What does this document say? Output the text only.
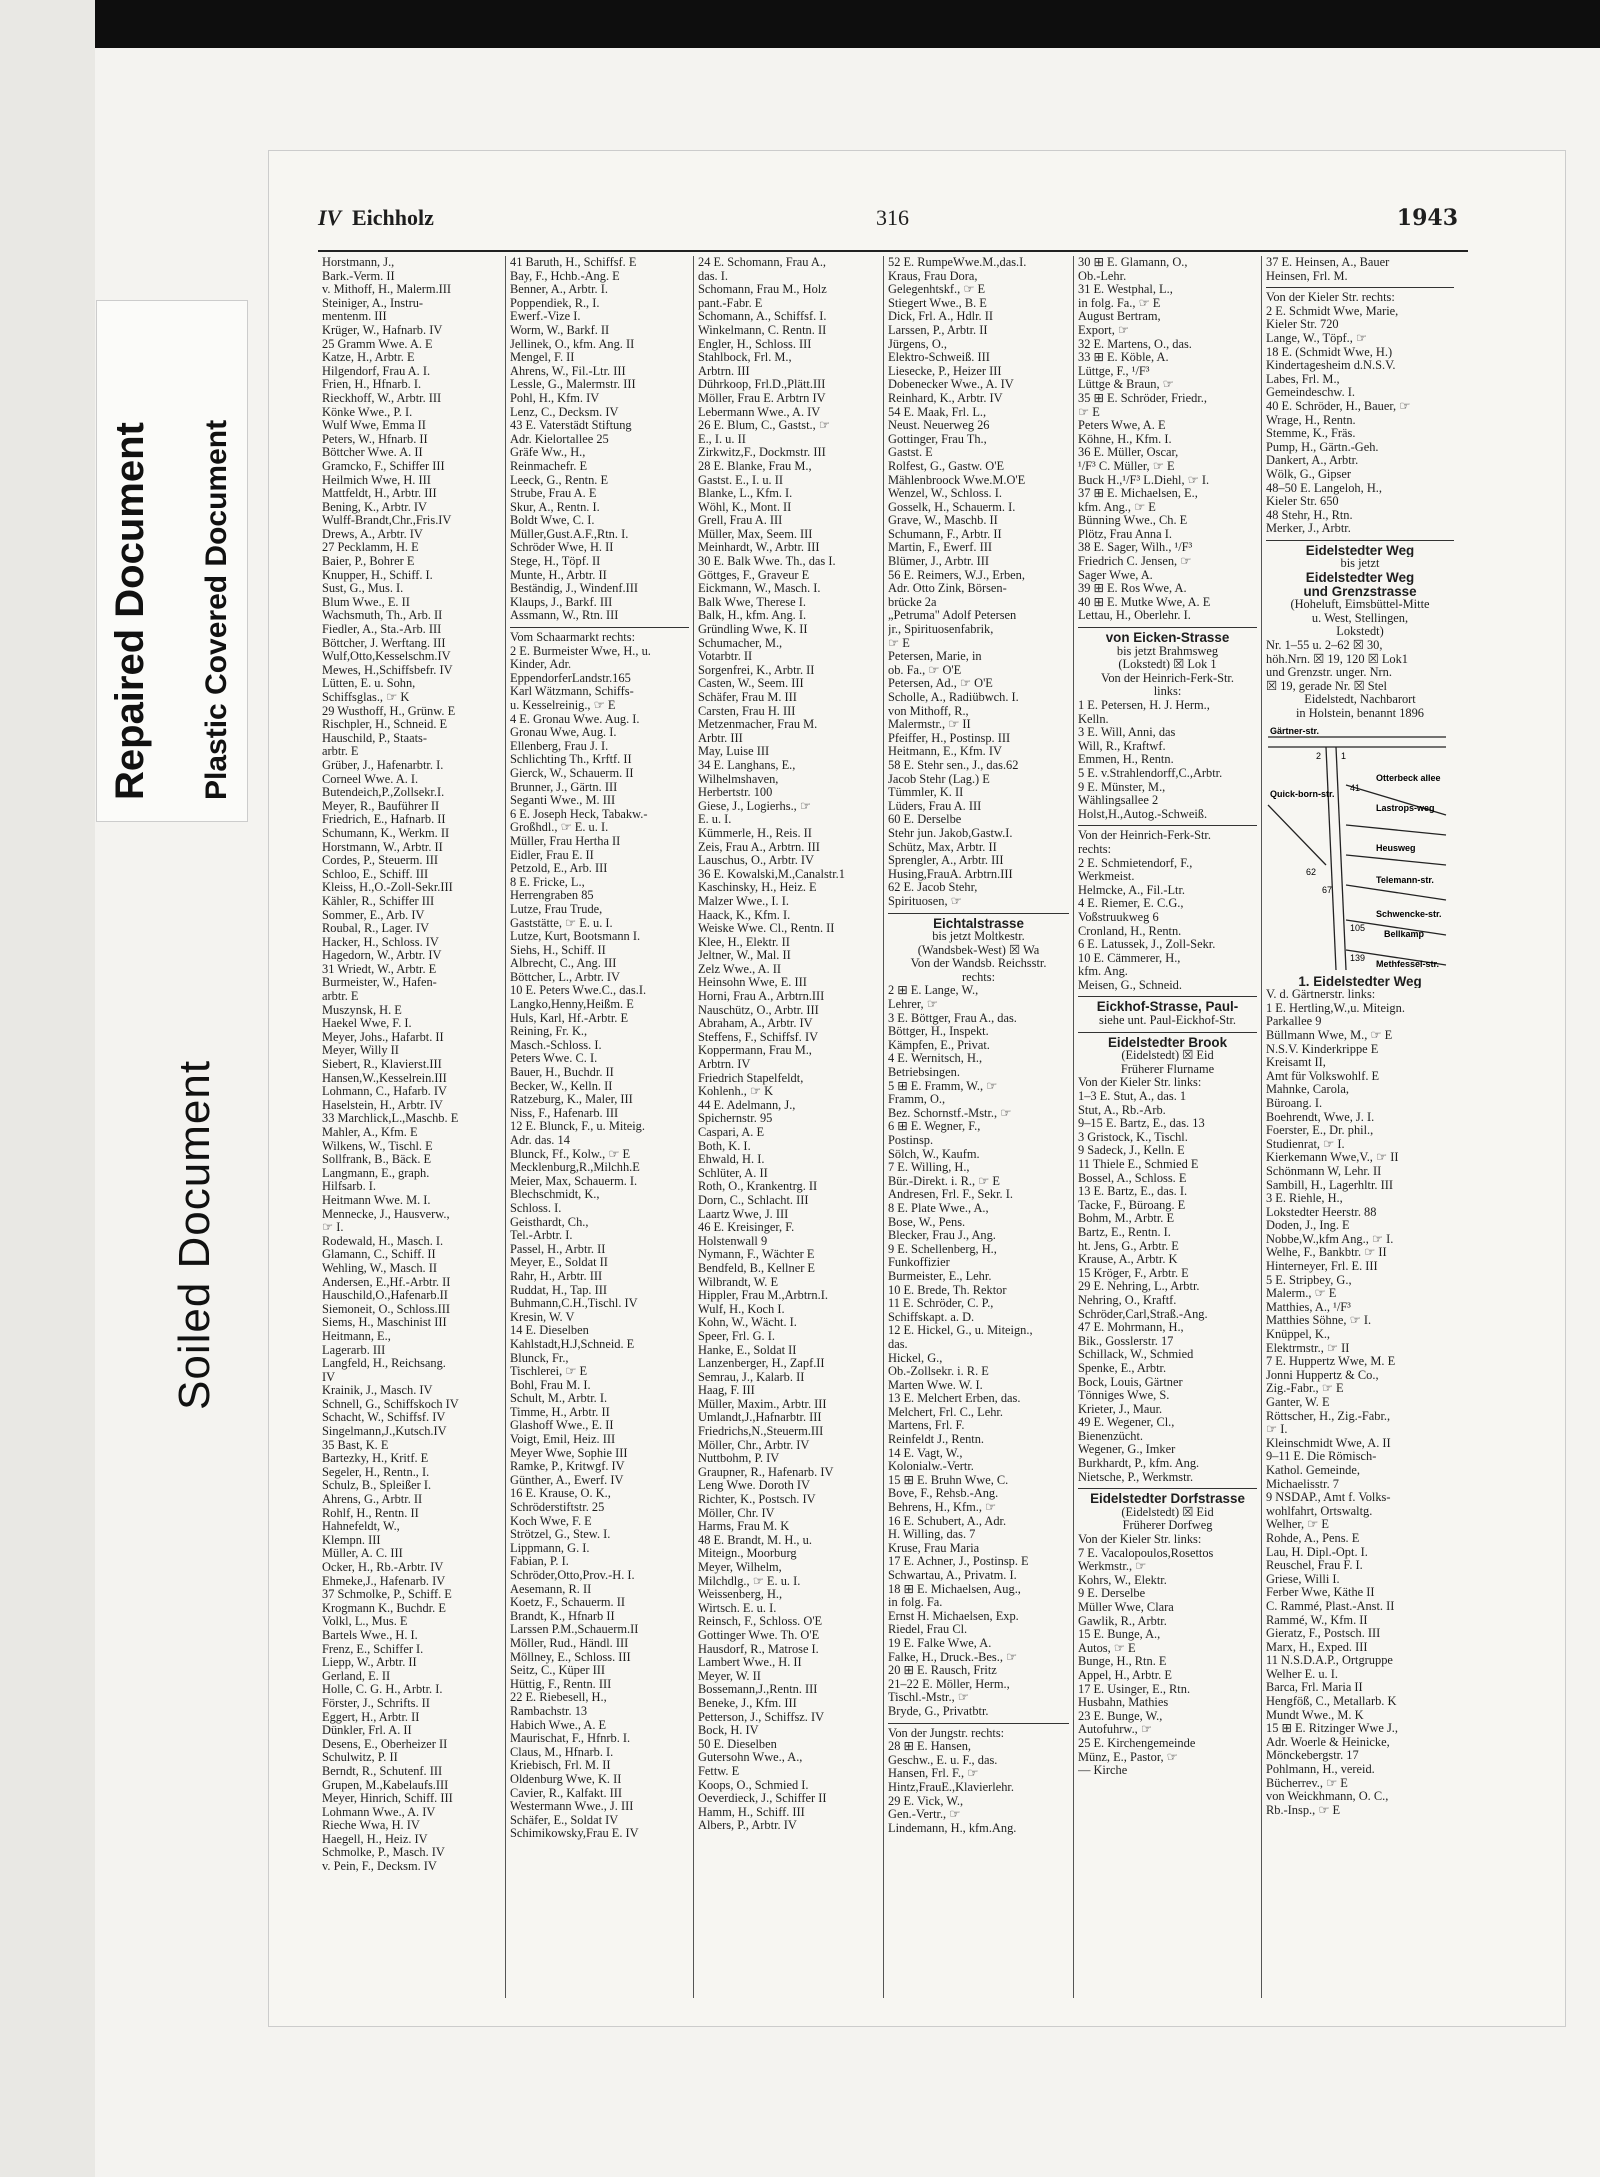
Repaired Document Plastic Covered Document
Soiled Document
IV Eichholz	316	1943
Horstmann, J.,
Bark.-Verm. II
v. Mithoff, H., Malerm.III
Steiniger, A., Instru-
mentenm. III
Krüger, W., Hafnarb. IV
25 Gramm Wwe. A. E
Katze, H., Arbtr. E
Hilgendorf, Frau A. I.
Frien, H., Hfnarb. I.
Rieckhoff, W., Arbtr. III
Könke Wwe., P. I.
Wulf Wwe, Emma II
Peters, W., Hfnarb. II
Böttcher Wwe. A. II
Gramcko, F., Schiffer III
Heilmich Wwe, H. III
Mattfeldt, H., Arbtr. III
Bening, K., Arbtr. IV
Wulff-Brandt,Chr.,Fris.IV
Drews, A., Arbtr. IV
27 Pecklamm, H. E
Baier, P., Bohrer E
Knupper, H., Schiff. I.
Sust, G., Mus. I.
Blum Wwe., E. II
Wachsmuth, Th., Arb. II
Fiedler, A., Sta.-Arb. III
Böttcher, J. Werftang. III
Wulf,Otto,Kesselschm.IV
Mewes, H.,Schiffsbefr. IV
Lütten, E. u. Sohn,
Schiffsglas., ☞ K
29 Wusthoff, H., Grünw. E
Rischpler, H., Schneid. E
Hauschild, P., Staats-
arbtr. E
Grüber, J., Hafenarbtr. I.
Corneel Wwe. A. I.
Butendeich,P.,Zollsekr.I.
Meyer, R., Bauführer II
Friedrich, E., Hafnarb. II
Schumann, K., Werkm. II
Horstmann, W., Arbtr. II
Cordes, P., Steuerm. III
Schloo, E., Schiff. III
Kleiss, H.,O.-Zoll-Sekr.III
Kähler, R., Schiffer III
Sommer, E., Arb. IV
Roubal, R., Lager. IV
Hacker, H., Schloss. IV
Hagedorn, W., Arbtr. IV
31 Wriedt, W., Arbtr. E
Burmeister, W., Hafen-
arbtr. E
Muszynsk, H. E
Haekel Wwe, F. I.
Meyer, Johs., Hafarbt. II
Meyer, Willy II
Siebert, R., Klavierst.III
Hansen,W.,Kesselrein.III
Lohmann, C., Hafarb. IV
Haselstein, H., Arbtr. IV
33 Marchlick,L.,Maschb. E
Mahler, A., Kfm. E
Wilkens, W., Tischl. E
Sollfrank, B., Bäck. E
Langmann, E., graph.
Hilfsarb. I.
Heitmann Wwe. M. I.
Mennecke, J., Hausverw.,
☞ I.
Rodewald, H., Masch. I.
Glamann, C., Schiff. II
Wehling, W., Masch. II
Andersen, E.,Hf.-Arbtr. II
Hauschild,O.,Hafenarb.II
Siemoneit, O., Schloss.III
Siems, H., Maschinist III
Heitmann, E.,
Lagerarb. III
Langfeld, H., Reichsang.
IV
Krainik, J., Masch. IV
Schnell, G., Schiffskoch IV
Schacht, W., Schiffsf. IV
Singelmann,J.,Kutsch.IV
35 Bast, K. E
Bartezky, H., Kritf. E
Segeler, H., Rentn., I.
Schulz, B., Spleißer I.
Ahrens, G., Arbtr. II
Rohlf, H., Rentn. II
Hahnefeldt, W.,
Klempn. III
Müller, A. C. III
Ocker, H., Rb.-Arbtr. IV
Ehmeke,J., Hafenarb. IV
37 Schmolke, P., Schiff. E
Krogmann K., Buchdr. E
Volkl, L., Mus. E
Bartels Wwe., H. I.
Frenz, E., Schiffer I.
Liepp, W., Arbtr. II
Gerland, E. II
Holle, C. G. H., Arbtr. I.
Förster, J., Schrifts. II
Eggert, H., Arbtr. II
Dünkler, Frl. A. II
Desens, E., Oberheizer II
Schulwitz, P. II
Berndt, R., Schutenf. III
Grupen, M.,Kabelaufs.III
Meyer, Hinrich, Schiff. III
Lohmann Wwe., A. IV
Rieche Wwa, H. IV
Haegell, H., Heiz. IV
Schmolke, P., Masch. IV
v. Pein, F., Decksm. IV
41 Baruth, H., Schiffsf. E
Bay, F., Hchb.-Ang. E
Benner, A., Arbtr. I.
Poppendiek, R., I.
Ewerf.-Vize I.
Worm, W., Barkf. II
Jellinek, O., kfm. Ang. II
Mengel, F. II
Ahrens, W., Fil.-Ltr. III
Lessle, G., Malermstr. III
Pohl, H., Kfm. IV
Lenz, C., Decksm. IV
43 E. Vaterstädt Stiftung
Adr. Kielortallee 25
Gräfe Ww., H.,
Reinmachefr. E
Leeck, G., Rentn. E
Strube, Frau A. E
Skur, A., Rentn. I.
Boldt Wwe, C. I.
Müller,Gust.A.F.,Rtn. I.
Schröder Wwe, H. II
Stege, H., Töpf. II
Munte, H., Arbtr. II
Beständig, J., Windenf.III
Klaups, J., Barkf. III
Assmann, W., Rtn. III
Vom Schaarmarkt rechts:
2 E. Burmeister Wwe, H., u.
Kinder, Adr.
EppendorferLandstr.165
Karl Wätzmann, Schiffs-
u. Kesselreinig., ☞ E
4 E. Gronau Wwe. Aug. I.
Gronau Wwe, Aug. I.
Ellenberg, Frau J. I.
Schlichting Th., Krftf. II
Gierck, W., Schauerm. II
Brunner, J., Gärtn. III
Seganti Wwe., M. III
6 E. Joseph Heck, Tabakw.-
Großhdl., ☞ E. u. I.
Müller, Frau Hertha II
Eidler, Frau E. II
Petzold, E., Arb. III
8 E. Fricke, L.,
Herrengraben 85
Lutze, Frau Trude,
Gaststätte, ☞ E. u. I.
Lutze, Kurt, Bootsmann I.
Siehs, H., Schiff. II
Albrecht, C., Ang. III
Böttcher, L., Arbtr. IV
10 E. Peters Wwe.C., das.I.
Langko,Henny,Heißm. E
Huls, Karl, Hf.-Arbtr. E
Reining, Fr. K.,
Masch.-Schloss. I.
Peters Wwe. C. I.
Bauer, H., Buchdr. II
Becker, W., Kelln. II
Ratzeburg, K., Maler, III
Niss, F., Hafenarb. III
12 E. Blunck, F., u. Miteig.
Adr. das. 14
Blunck, Ff., Kolw., ☞ E
Mecklenburg,R.,Milchh.E
Meier, Max, Schauerm. I.
Blechschmidt, K.,
Schloss. I.
Geisthardt, Ch.,
Tel.-Arbtr. I.
Passel, H., Arbtr. II
Meyer, E., Soldat II
Rahr, H., Arbtr. III
Ruddat, H., Tap. III
Buhmann,C.H.,Tischl. IV
Kresin, W. V
14 E. Dieselben
Kahlstadt,H.J,Schneid. E
Blunck, Fr.,
Tischlerei, ☞ E
Bohl, Frau M. I.
Schult, M., Arbtr. I.
Timme, H., Arbtr. II
Glashoff Wwe., E. II
Voigt, Emil, Heiz. III
Meyer Wwe, Sophie III
Ramke, P., Kritwgf. IV
Günther, A., Ewerf. IV
16 E. Krause, O. K.,
Schröderstiftstr. 25
Koch Wwe, F. E
Strötzel, G., Stew. I.
Lippmann, G. I.
Fabian, P. I.
Schröder,Otto,Prov.-H. I.
Aesemann, R. II
Koetz, F., Schauerm. II
Brandt, K., Hfnarb II
Larssen P.M.,Schauerm.II
Möller, Rud., Händl. III
Möllney, E., Schloss. III
Seitz, C., Küper III
Hüttig, F., Rentn. III
22 E. Riebesell, H.,
Rambachstr. 13
Habich Wwe., A. E
Maurischat, F., Hfnrb. I.
Claus, M., Hfnarb. I.
Kriebisch, Frl. M. II
Oldenburg Wwe, K. II
Cavier, R., Kalfakt. III
Westermann Wwe., J. III
Schäfer, E., Soldat IV
Schimikowsky,Frau E. IV
24 E. Schomann, Frau A.,
das. I.
Schomann, Frau M., Holz
pant.-Fabr. E
Schomann, A., Schiffsf. I.
Winkelmann, C. Rentn. II
Engler, H., Schloss. III
Stahlbock, Frl. M.,
Arbtrn. III
Dührkoop, Frl.D.,Plätt.III
Möller, Frau E. Arbtrn IV
Lebermann Wwe., A. IV
26 E. Blum, C., Gastst., ☞
E., I. u. II
Zirkwitz,F., Dockmstr. III
28 E. Blanke, Frau M.,
Gastst. E., I. u. II
Blanke, L., Kfm. I.
Wöhl, K., Mont. II
Grell, Frau A. III
Müller, Max, Seem. III
Meinhardt, W., Arbtr. III
30 E. Balk Wwe. Th., das I.
Göttges, F., Graveur E
Eickmann, W., Masch. I.
Balk Wwe, Therese I.
Balk, H., kfm. Ang. I.
Gründling Wwe, K. II
Schumacher, M.,
Votarbtr. II
Sorgenfrei, K., Arbtr. II
Casten, W., Seem. III
Schäfer, Frau M. III
Carsten, Frau H. III
Metzenmacher, Frau M.
Arbtr. III
May, Luise III
34 E. Langhans, E.,
Wilhelmshaven,
Herbertstr. 100
Giese, J., Logierhs., ☞
E. u. I.
Kümmerle, H., Reis. II
Zeis, Frau A., Arbtrn. III
Lauschus, O., Arbtr. IV
36 E. Kowalski,M.,Canalstr.1
Kaschinsky, H., Heiz. E
Malzer Wwe., I. I.
Haack, K., Kfm. I.
Weiske Wwe. Cl., Rentn. II
Klee, H., Elektr. II
Jeltner, W., Mal. II
Zelz Wwe., A. II
Heinsohn Wwe, E. III
Horni, Frau A., Arbtrn.III
Nauschütz, O., Arbtr. III
Abraham, A., Arbtr. IV
Steffens, F., Schiffsf. IV
Koppermann, Frau M.,
Arbtrn. IV
Friedrich Stapelfeldt,
Kohlenh., ☞ K
44 E. Adelmann, J.,
Spichernstr. 95
Caspari, A. E
Both, K. I.
Ehwald, H. I.
Schlüter, A. II
Roth, O., Krankentrg. II
Dorn, C., Schlacht. III
Laartz Wwe, J. III
46 E. Kreisinger, F.
Holstenwall 9
Nymann, F., Wächter E
Bendfeld, B., Kellner E
Wilbrandt, W. E
Hippler, Frau M.,Arbtrn.I.
Wulf, H., Koch I.
Kohn, W., Wächt. I.
Speer, Frl. G. I.
Hanke, E., Soldat II
Lanzenberger, H., Zapf.II
Semrau, J., Kalarb. II
Haag, F. III
Müller, Maxim., Arbtr. III
Umlandt,J.,Hafnarbtr. III
Friedrichs,N.,Steuerm.III
Möller, Chr., Arbtr. IV
Nuttbohm, P. IV
Graupner, R., Hafenarb. IV
Leng Wwe. Doroth IV
Richter, K., Postsch. IV
Möller, Chr. IV
Harms, Frau M. K
48 E. Brandt, M. H., u.
Miteign., Moorburg
Meyer, Wilhelm,
Milchdlg., ☞ E. u. I.
Weissenberg, H.,
Wirtsch. E. u. I.
Reinsch, F., Schloss. O'E
Gottinger Wwe. Th. O'E
Hausdorf, R., Matrose I.
Lambert Wwe., H. II
Meyer, W. II
Bossemann,J.,Rentn. III
Beneke, J., Kfm. III
Petterson, J., Schiffsz. IV
Bock, H. IV
50 E. Dieselben
Gutersohn Wwe., A.,
Fettw. E
Koops, O., Schmied I.
Oeverdieck, J., Schiffer II
Hamm, H., Schiff. III
Albers, P., Arbtr. IV
52 E. RumpeWwe.M.,das.I.
Kraus, Frau Dora,
Gelegenhtskf., ☞ E
Stiegert Wwe., B. E
Dick, Frl. A., Hdlr. II
Larssen, P., Arbtr. II
Jürgens, O.,
Elektro-Schweiß. III
Liesecke, P., Heizer III
Dobenecker Wwe., A. IV
Reinhard, K., Arbtr. IV
54 E. Maak, Frl. L.,
Neust. Neuerweg 26
Gottinger, Frau Th.,
Gastst. E
Rolfest, G., Gastw. O'E
Mählenbroock Wwe.M.O'E
Wenzel, W., Schloss. I.
Gosselk, H., Schauerm. I.
Grave, W., Maschb. II
Schumann, F., Arbtr. II
Martin, F., Ewerf. III
Blümer, J., Arbtr. III
56 E. Reimers, W.J., Erben,
Adr. Otto Zink, Börsen-
brücke 2a
„Petruma" Adolf Petersen
jr., Spirituosenfabrik,
☞ E
Petersen, Marie, in
ob. Fa., ☞ O'E
Petersen, Ad., ☞ O'E
Scholle, A., Radiübwch. I.
von Mithoff, R.,
Malermstr., ☞ II
Pfeiffer, H., Postinsp. III
Heitmann, E., Kfm. IV
58 E. Stehr sen., J., das.62
Jacob Stehr (Lag.) E
Tümmler, K. II
Lüders, Frau A. III
60 E. Derselbe
Stehr jun. Jakob,Gastw.I.
Schütz, Max, Arbtr. II
Sprengler, A., Arbtr. III
Husing,FrauA. Arbtrn.III
62 E. Jacob Stehr,
Spirituosen, ☞
Eichtalstrasse
bis jetzt Moltkestr.
(Wandsbek-West) ☒ Wa
Von der Wandsb. Reichsstr.
rechts:
2 ⊞ E. Lange, W.,
Lehrer, ☞
3 E. Böttger, Frau A., das.
Böttger, H., Inspekt.
Kämpfen, E., Privat.
4 E. Wernitsch, H.,
Betriebsingen.
5 ⊞ E. Framm, W., ☞
Framm, O.,
Bez. Schornstf.-Mstr., ☞
6 ⊞ E. Wegner, F.,
Postinsp.
Sölch, W., Kaufm.
7 E. Willing, H.,
Bür.-Direkt. i. R., ☞ E
Andresen, Frl. F., Sekr. I.
8 E. Plate Wwe., A.,
Bose, W., Pens.
Blecker, Frau J., Ang.
9 E. Schellenberg, H.,
Funkoffizier
Burmeister, E., Lehr.
10 E. Brede, Th. Rektor
11 E. Schröder, C. P.,
Schiffskapt. a. D.
12 E. Hickel, G., u. Miteign.,
das.
Hickel, G.,
Ob.-Zollsekr. i. R. E
Marten Wwe. W. I.
13 E. Melchert Erben, das.
Melchert, Frl. C., Lehr.
Martens, Frl. F.
Reinfeldt J., Rentn.
14 E. Vagt, W.,
Kolonialw.-Vertr.
15 ⊞ E. Bruhn Wwe, C.
Bove, F., Rehsb.-Ang.
Behrens, H., Kfm., ☞
16 E. Schubert, A., Adr.
H. Willing, das. 7
Kruse, Frau Maria
17 E. Achner, J., Postinsp. E
Schwartau, A., Privatm. I.
18 ⊞ E. Michaelsen, Aug.,
in folg. Fa.
Ernst H. Michaelsen, Exp.
Riedel, Frau Cl.
19 E. Falke Wwe, A.
Falke, H., Druck.-Bes., ☞
20 ⊞ E. Rausch, Fritz
21–22 E. Möller, Herm.,
Tischl.-Mstr., ☞
Bryde, G., Privatbtr.
Von der Jungstr. rechts:
28 ⊞ E. Hansen,
Geschw., E. u. F., das.
Hansen, Frl. F., ☞
Hintz,FrauE.,Klavierlehr.
29 E. Vick, W.,
Gen.-Vertr., ☞
Lindemann, H., kfm.Ang.
30 ⊞ E. Glamann, O.,
Ob.-Lehr.
31 E. Westphal, L.,
in folg. Fa., ☞ E
August Bertram,
Export, ☞
32 E. Martens, O., das.
33 ⊞ E. Köble, A.
Lüttge, F., ¹/F³
Lüttge & Braun, ☞
35 ⊞ E. Schröder, Friedr.,
☞ E
Peters Wwe, A. E
Köhne, H., Kfm. I.
36 E. Müller, Oscar,
¹/F³ C. Müller, ☞ E
Buck H.,¹/F³ L.Diehl, ☞ I.
37 ⊞ E. Michaelsen, E.,
kfm. Ang., ☞ E
Bünning Wwe., Ch. E
Plötz, Frau Anna I.
38 E. Sager, Wilh., ¹/F³
Friedrich C. Jensen, ☞
Sager Wwe, A.
39 ⊞ E. Ros Wwe, A.
40 ⊞ E. Mutke Wwe, A. E
Lettau, H., Oberlehr. I.
von Eicken-Strasse
bis jetzt Brahmsweg
(Lokstedt) ☒ Lok 1
Von der Heinrich-Ferk-Str.
links:
1 E. Petersen, H. J. Herm.,
Kelln.
3 E. Will, Anni, das
Will, R., Kraftwf.
Emmen, H., Rentn.
5 E. v.Strahlendorff,C.,Arbtr.
9 E. Münster, M.,
Wählingsallee 2
Holst,H.,Autog.-Schweiß.
Von der Heinrich-Ferk-Str.
rechts:
2 E. Schmietendorf, F.,
Werkmeist.
Helmcke, A., Fil.-Ltr.
4 E. Riemer, E. C.G.,
Voßstruukweg 6
Cronland, H., Rentn.
6 E. Latussek, J., Zoll-Sekr.
10 E. Cämmerer, H.,
kfm. Ang.
Meisen, G., Schneid.
Eickhof-Strasse, Paul-
siehe unt. Paul-Eickhof-Str.
Eidelstedter Brook
(Eidelstedt) ☒ Eid
Früherer Flurname
Von der Kieler Str. links:
1–3 E. Stut, A., das. 1
Stut, A., Rb.-Arb.
9–15 E. Bartz, E., das. 13
3 Gristock, K., Tischl.
9 Sadeck, J., Kelln. E
11 Thiele E., Schmied E
Bossel, A., Schloss. E
13 E. Bartz, E., das. I.
Tacke, F., Büroang. E
Bohm, M., Arbtr. E
Bartz, E., Rentn. I.
ht. Jens, G., Arbtr. E
Krause, A., Arbtr. K
15 Kröger, F., Arbtr. E
29 E. Nehring, L., Arbtr.
Nehring, O., Kraftf.
Schröder,Carl,Straß.-Ang.
47 E. Mohrmann, H.,
Bik., Gosslerstr. 17
Schillack, W., Schmied
Spenke, E., Arbtr.
Bock, Louis, Gärtner
Tönniges Wwe, S.
Krieter, J., Maur.
49 E. Wegener, Cl.,
Bienenzücht.
Wegener, G., Imker
Burkhardt, P., kfm. Ang.
Nietsche, P., Werkmstr.
Eidelstedter Dorfstrasse
(Eidelstedt) ☒ Eid
Früherer Dorfweg
Von der Kieler Str. links:
7 E. Vacalopoulos,Rosettos
Werkmstr., ☞
Kohrs, W., Elektr.
9 E. Derselbe
Müller Wwe, Clara
Gawlik, R., Arbtr.
15 E. Bunge, A.,
Autos, ☞ E
Bunge, H., Rtn. E
Appel, H., Arbtr. E
17 E. Usinger, E., Rtn.
Husbahn, Mathies
23 E. Bunge, W.,
Autofuhrw., ☞
25 E. Kirchengemeinde
Münz, E., Pastor, ☞
— Kirche
37 E. Heinsen, A., Bauer
Heinsen, Frl. M.
Von der Kieler Str. rechts:
2 E. Schmidt Wwe, Marie,
Kieler Str. 720
Lange, W., Töpf., ☞
18 E. (Schmidt Wwe, H.)
Kindertagesheim d.N.S.V.
Labes, Frl. M.,
Gemeindeschw. I.
40 E. Schröder, H., Bauer, ☞
Wrage, H., Rentn.
Stemme, K., Fräs.
Pump, H., Gärtn.-Geh.
Dankert, A., Arbtr.
Wölk, G., Gipser
48–50 E. Langeloh, H.,
Kieler Str. 650
48 Stehr, H., Rtn.
Merker, J., Arbtr.
Eidelstedter Weg
bis jetzt
Eidelstedter Weg
und Grenzstrasse
(Hoheluft, Eimsbüttel-Mitte
u. West, Stellingen,
Lokstedt)
Nr. 1–55 u. 2–62 ☒ 30,
höh.Nrn. ☒ 19, 120 ☒ Lok1
und Grenzstr. unger. Nrn.
☒ 19, gerade Nr. ☒ Stel
Eidelstedt, Nachbarort
in Holstein, benannt 1896
Gärtner-str.
Otterbeck allee
Lastrops-weg
Heusweg
Quick-born-str.
Telemann-str.
Schwencke-str.
Bellkamp
Methfessel-str.
2 1
41
62
67
105
139
1. Eidelstedter Weg
V. d. Gärtnerstr. links:
1 E. Hertling,W.,u. Miteign.
Parkallee 9
Büllmann Wwe, M., ☞ E
N.S.V. Kinderkrippe E
Kreisamt II,
Amt für Volkswohlf. E
Mahnke, Carola,
Büroang. I.
Boehrendt, Wwe, J. I.
Foerster, E., Dr. phil.,
Studienrat, ☞ I.
Kierkemann Wwe,V., ☞ II
Schönmann W, Lehr. II
Sambill, H., Lagerhltr. III
3 E. Riehle, H.,
Lokstedter Heerstr. 88
Doden, J., Ing. E
Nobbe,W.,kfm Ang., ☞ I.
Welhe, F., Bankbtr. ☞ II
Hinterneyer, Frl. E. III
5 E. Stripbey, G.,
Malerm., ☞ E
Matthies, A., ¹/F³
Matthies Söhne, ☞ I.
Knüppel, K.,
Elektrmstr., ☞ II
7 E. Huppertz Wwe, M. E
Jonni Huppertz & Co.,
Zig.-Fabr., ☞ E
Ganter, W. E
Röttscher, H., Zig.-Fabr.,
☞ I.
Kleinschmidt Wwe, A. II
9–11 E. Die Römisch-
Kathol. Gemeinde,
Michaelisstr. 7
9 NSDAP., Amt f. Volks-
wohlfahrt, Ortswaltg.
Welher, ☞ E
Rohde, A., Pens. E
Lau, H. Dipl.-Opt. I.
Reuschel, Frau F. I.
Griese, Willi I.
Ferber Wwe, Käthe II
C. Rammé, Plast.-Anst. II
Rammé, W., Kfm. II
Gieratz, F., Postsch. III
Marx, H., Exped. III
11 N.S.D.A.P., Ortgruppe
Welher E. u. I.
Barca, Frl. Maria II
Hengföß, C., Metallarb. K
Mundt Wwe., M. K
15 ⊞ E. Ritzinger Wwe J.,
Adr. Woerle & Heinicke,
Mönckebergstr. 17
Pohlmann, H., vereid.
Bücherrev., ☞ E
von Weickhmann, O. C.,
Rb.-Insp., ☞ E
